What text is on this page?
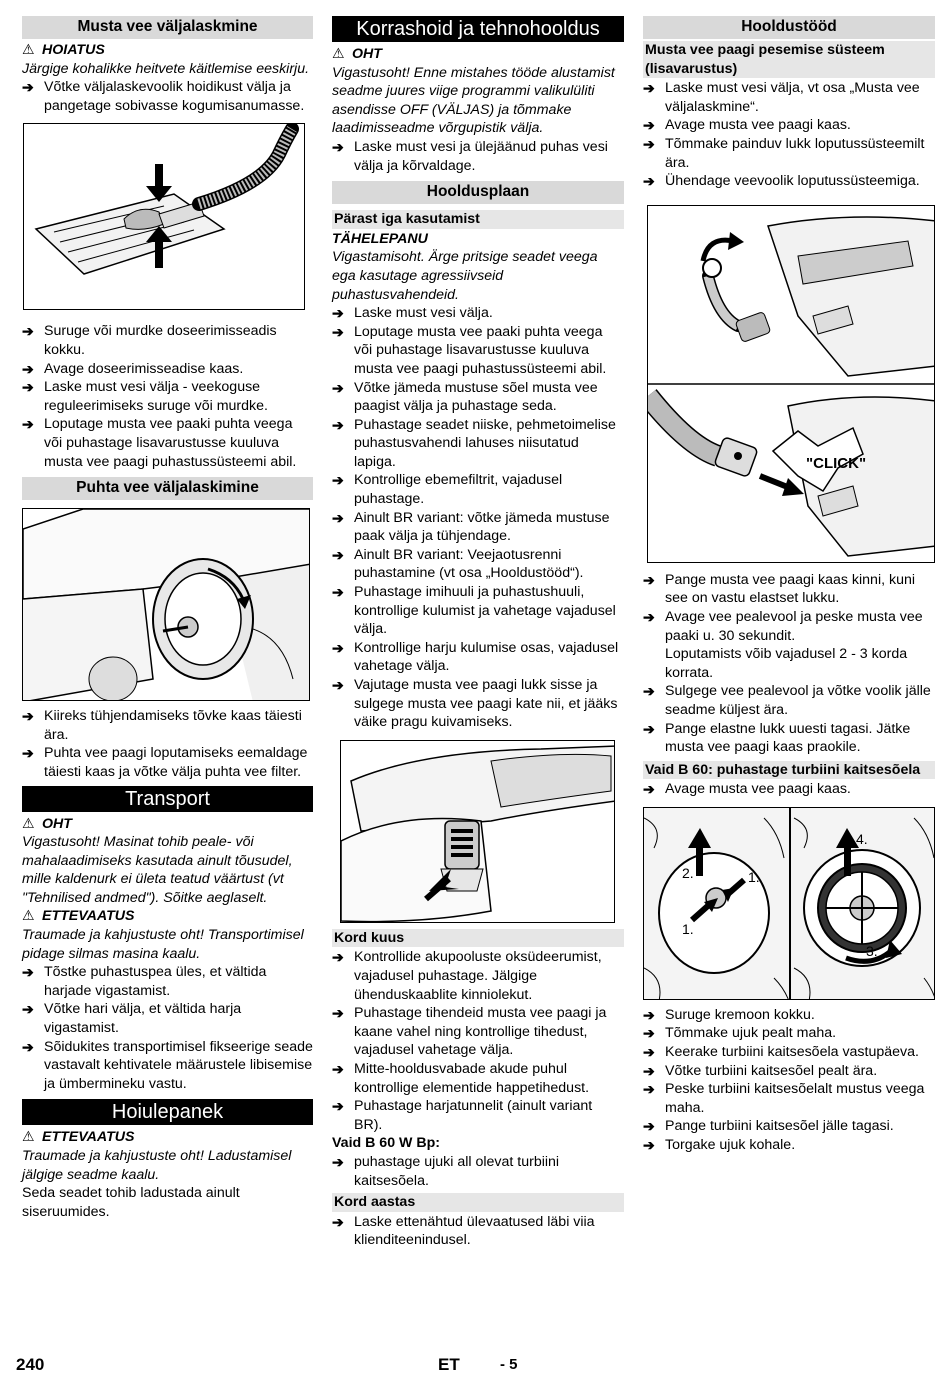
Musta vee väljalaskmine
⚠ HOIATUS
Järgige kohalikke heitvete käitlemise eeskirju.
➔ Võtke väljalaskevoolik hoidikust välja ja pangetage sobivasse kogumisanumasse.
➔ Suruge või murdke doseerimisseadis kokku.
➔ Avage doseerimisseadise kaas.
➔ Laske must vesi välja - veekoguse reguleerimiseks suruge või murdke.
➔ Loputage musta vee paaki puhta veega või puhastage lisavarustusse kuuluva musta vee paagi puhastussüsteemi abil.
Puhta vee väljalaskimine
➔ Kiireks tühjendamiseks tõvke kaas täiesti ära.
➔ Puhta vee paagi loputamiseks eemaldage täiesti kaas ja võtke välja puhta vee filter.
Transport
⚠ OHT
Vigastusoht! Masinat tohib peale- või mahalaadimiseks kasutada ainult tõusudel, mille kaldenurk ei ületa teatud väärtust (vt "Tehnilised andmed"). Sõitke aeglaselt.
⚠ ETTEVAATUS
Traumade ja kahjustuste oht! Transportimisel pidage silmas masina kaalu.
➔ Tõstke puhastuspea üles, et vältida harjade vigastamist.
➔ Võtke hari välja, et vältida harja vigastamist.
➔ Sõidukites transportimisel fikseerige seade vastavalt kehtivatele määrustele libisemise ja ümbermineku vastu.
Hoiulepanek
⚠ ETTEVAATUS
Traumade ja kahjustuste oht! Ladustamisel jälgige seadme kaalu.
Seda seadet tohib ladustada ainult siseruumides.
Korrashoid ja tehnohooldus
⚠ OHT
Vigastusoht! Enne mistahes tööde alustamist seadme juures viige programmi valikulüliti asendisse OFF (VÄLJAS) ja tõmmake laadimisseadme võrgupistik välja.
➔ Laske must vesi ja ülejäänud puhas vesi välja ja kõrvaldage.
Hooldusplaan
Pärast iga kasutamist
TÄHELEPANU
Vigastamisoht. Ärge pritsige seadet veega ega kasutage agressiivseid puhastusvahendeid.
➔ Laske must vesi välja.
➔ Loputage musta vee paaki puhta veega või puhastage lisavarustusse kuuluva musta vee paagi puhastussüsteemi abil.
➔ Võtke jämeda mustuse sõel musta vee paagist välja ja puhastage seda.
➔ Puhastage seadet niiske, pehmetoimelise puhastusvahendi lahuses niisutatud lapiga.
➔ Kontrollige ebemefiltrit, vajadusel puhastage.
➔ Ainult BR variant: võtke jämeda mustuse paak välja ja tühjendage.
➔ Ainult BR variant: Veejaotusrenni puhastamine (vt osa „Hooldustööd“).
➔ Puhastage imihuuli ja puhastushuuli, kontrollige kulumist ja vahetage vajadusel välja.
➔ Kontrollige harju kulumise osas, vajadusel vahetage välja.
➔ Vajutage musta vee paagi lukk sisse ja sulgege musta vee paagi kate nii, et jääks väike pragu kuivamiseks.
Kord kuus
➔ Kontrollide akupooluste oksüdeerumist, vajadusel puhastage. Jälgige ühenduskaablite kinniolekut.
➔ Puhastage tihendeid musta vee paagi ja kaane vahel ning kontrollige tihedust, vajadusel vahetage välja.
➔ Mitte-hooldusvabade akude puhul kontrollige elementide happetihedust.
➔ Puhastage harjatunnelit (ainult variant BR).
Vaid B 60 W Bp:
➔ puhastage ujuki all olevat turbiini kaitsesõela.
Kord aastas
➔ Laske ettenähtud ülevaatused läbi viia klienditeenindusel.
Hooldustööd
Musta vee paagi pesemise süsteem (lisavarustus)
➔ Laske must vesi välja, vt osa „Musta vee väljalaskmine“.
➔ Avage musta vee paagi kaas.
➔ Tõmmake painduv lukk loputussüsteemilt ära.
➔ Ühendage veevoolik loputussüsteemiga.
"CLICK"
➔ Pange musta vee paagi kaas kinni, kuni see on vastu elastset lukku.
➔ Avage vee pealevool ja peske musta vee paaki u. 30 sekundit.
Loputamists võib vajadusel 2 - 3 korda korrata.
➔ Sulgege vee pealevool ja võtke voolik jälle seadme küljest ära.
➔ Pange elastne lukk uuesti tagasi. Jätke musta vee paagi kaas praokile.
Vaid B 60: puhastage turbiini kaitsesõela
➔ Avage musta vee paagi kaas.
2.	1.
1.
4.
3.
➔ Suruge kremoon kokku.
➔ Tõmmake ujuk pealt maha.
➔ Keerake turbiini kaitsesõela vastupäeva.
➔ Võtke turbiini kaitsesõel pealt ära.
➔ Peske turbiini kaitsesõelalt mustus veega maha.
➔ Pange turbiini kaitsesõel jälle tagasi.
➔ Torgake ujuk kohale.
240	ET	- 5
